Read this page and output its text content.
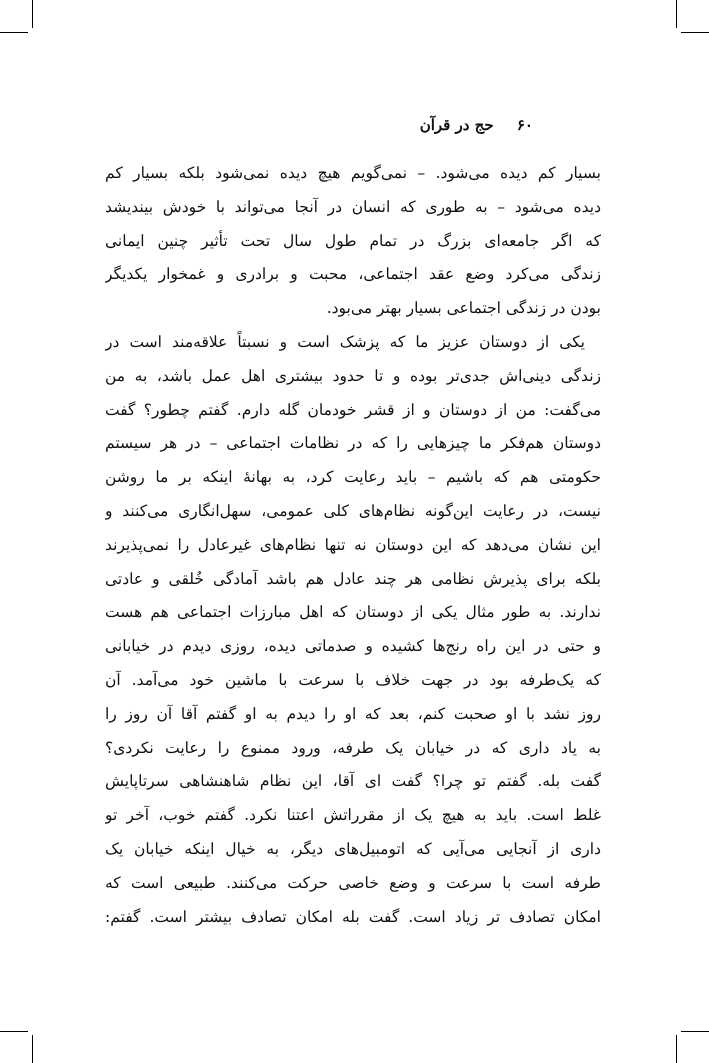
۶۰ حج در قرآن
بسیار کم دیده می‌شود. – نمی‌گویم هیچ دیده نمی‌شود بلکه بسیار کم
دیده می‌شود – به طوری که انسان در آنجا می‌تواند با خودش بیندیشد
که اگر جامعه‌ای بزرگ در تمام طول سال تحت تأثیر چنین ایمانی
زندگی می‌کرد وضع عقد اجتماعی، محبت و برادری و غمخوار یکدیگر
بودن در زندگی اجتماعی بسیار بهتر می‌بود.
یکی از دوستان عزیز ما که پزشک است و نسبتاً علاقه‌مند است در
زندگی دینی‌اش جدی‌تر بوده و تا حدود بیشتری اهل عمل باشد، به من
می‌گفت: من از دوستان و از قشر خودمان گله دارم. گفتم چطور؟ گفت
دوستان هم‌فکر ما چیزهایی را که در نظامات اجتماعی – در هر سیستم
حکومتی هم که باشیم – باید رعایت کرد، به بهانهٔ اینکه بر ما روشن
نیست، در رعایت این‌گونه نظام‌های کلی عمومی، سهل‌انگاری می‌کنند و
این نشان می‌دهد که این دوستان نه تنها نظام‌های غیرعادل را نمی‌پذیرند
بلکه برای پذیرش نظامی هر چند عادل هم باشد آمادگی خُلقی و عادتی
ندارند. به طور مثال یکی از دوستان که اهل مبارزات اجتماعی هم هست
و حتی در این راه رنج‌ها کشیده و صدماتی دیده، روزی دیدم در خیابانی
که یک‌طرفه بود در جهت خلاف با سرعت با ماشین خود می‌آمد. آن
روز نشد با او صحبت کنم، بعد که او را دیدم به او گفتم آقا آن روز را
به یاد داری که در خیابان یک طرفه، ورود ممنوع را رعایت نکردی؟
گفت بله. گفتم تو چرا؟ گفت ای آقا، این نظام شاهنشاهی سرتاپایش
غلط است. باید به هیچ یک از مقرراتش اعتنا نکرد. گفتم خوب، آخر تو
داری از آنجایی می‌آیی که اتومبیل‌های دیگر، به خیال اینکه خیابان یک
طرفه است با سرعت و وضع خاصی حرکت می‌کنند. طبیعی است که
امکان تصادف تر زیاد است. گفت بله امکان تصادف بیشتر است. گفتم:
